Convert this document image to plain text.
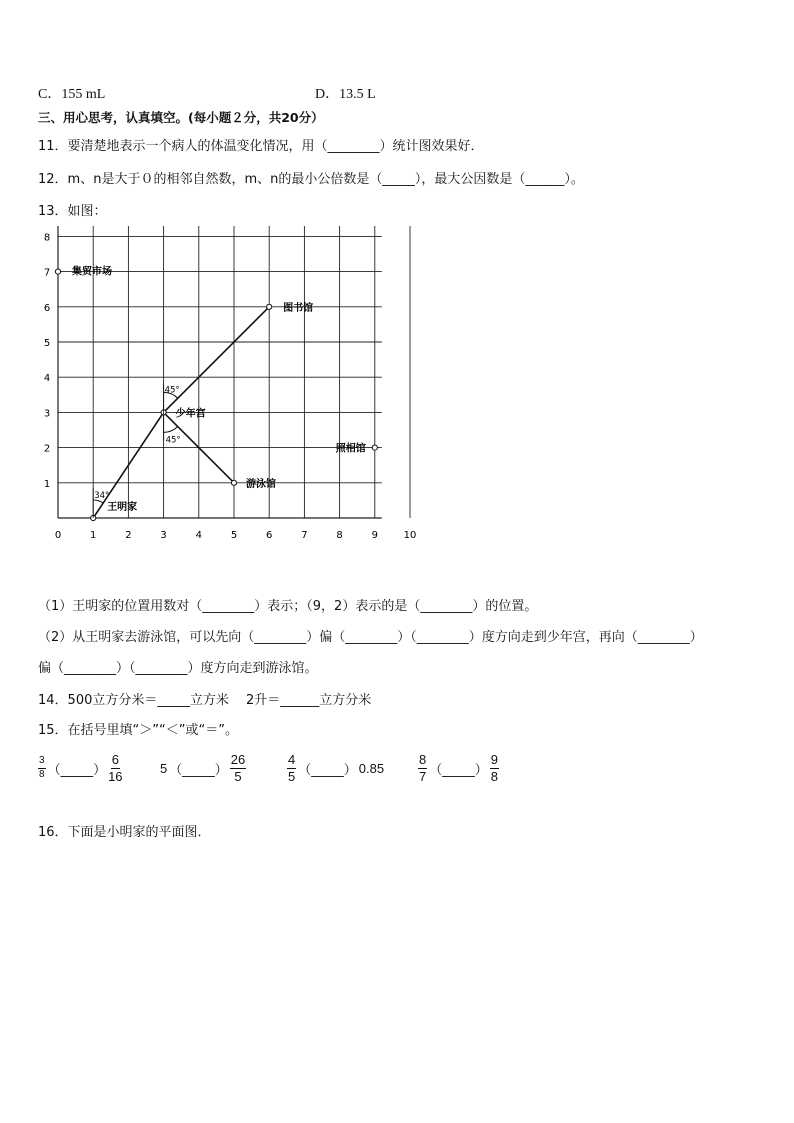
C．155 mL	D．13.5 L
三、用心思考，认真填空。(每小题２分，共20分）
11．要清楚地表示一个病人的体温变化情况，用（________）统计图效果好．
12．m、n是大于０的相邻自然数，m、n的最小公倍数是（_____），最大公因数是（______）。
13．如图：
0	1	2	3	4	5	6	7	8	9	10
1
2
3
4
5
6
7
8
集贸市场
图书馆
少年宫
照相馆
游泳馆
王明家
45°
45°
34°
（1）王明家的位置用数对（________）表示；（9，2）表示的是（________）的位置。
（2）从王明家去游泳馆，可以先向（________）偏（________）（________）度方向走到少年宫，再向（________）
偏（________）（________）度方向走到游泳馆。
14．500立方分米＝_____立方米　 2升＝______立方分米
15．在括号里填“＞”“＜”或“＝”。
$\frac{3}{8}$ （_____） $\frac{6}{16}$	5 （_____） $\frac{26}{5}$	$\frac{4}{5}$ （_____） 0.85	$\frac{8}{7}$ （_____） $\frac{9}{8}$
16．下面是小明家的平面图．
